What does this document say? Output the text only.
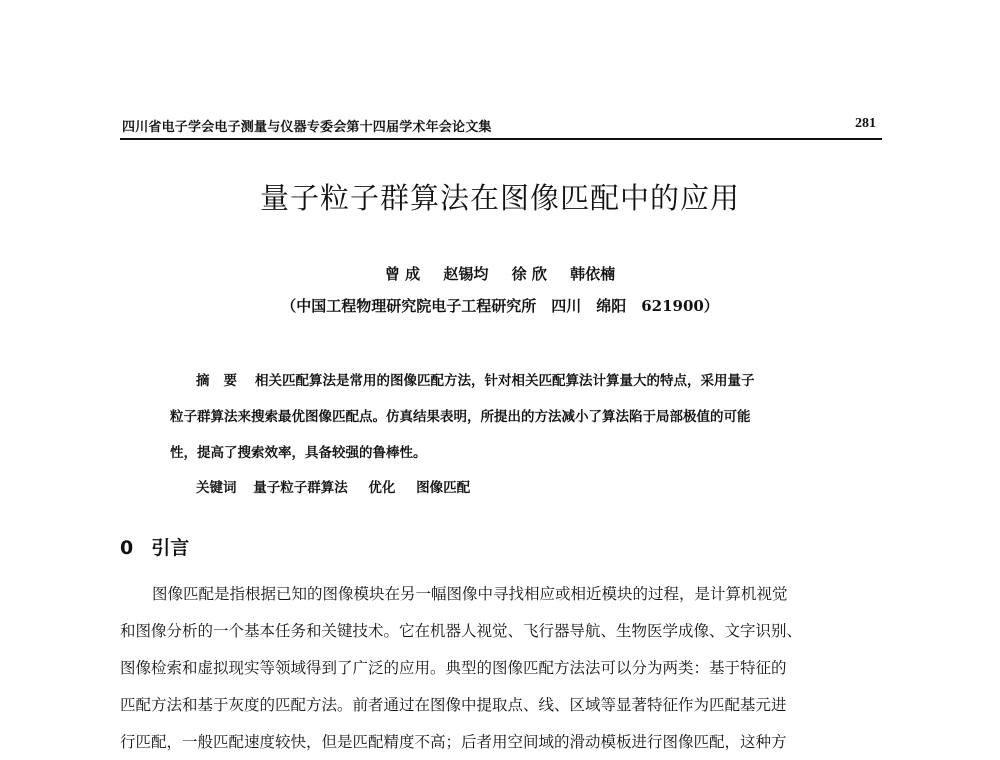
四川省电子学会电子测量与仪器专委会第十四届学术年会论文集	281
量子粒子群算法在图像匹配中的应用
曾 成 赵锡均 徐 欣 韩依楠
（中国工程物理研究院电子工程研究所　四川　绵阳　621900）
摘要 相关匹配算法是常用的图像匹配方法，针对相关匹配算法计算量大的特点，采用量子
粒子群算法来搜索最优图像匹配点。仿真结果表明，所提出的方法减小了算法陷于局部极值的可能
性，提高了搜索效率，具备较强的鲁棒性。
关键词 量子粒子群算法 优化 图像匹配
0 引言
图像匹配是指根据已知的图像模块在另一幅图像中寻找相应或相近模块的过程，是计算机视觉
和图像分析的一个基本任务和关键技术。它在机器人视觉、飞行器导航、生物医学成像、文字识别、
图像检索和虚拟现实等领域得到了广泛的应用。典型的图像匹配方法法可以分为两类：基于特征的
匹配方法和基于灰度的匹配方法。前者通过在图像中提取点、线、区域等显著特征作为匹配基元进
行匹配，一般匹配速度较快，但是匹配精度不高；后者用空间域的滑动模板进行图像匹配，这种方
